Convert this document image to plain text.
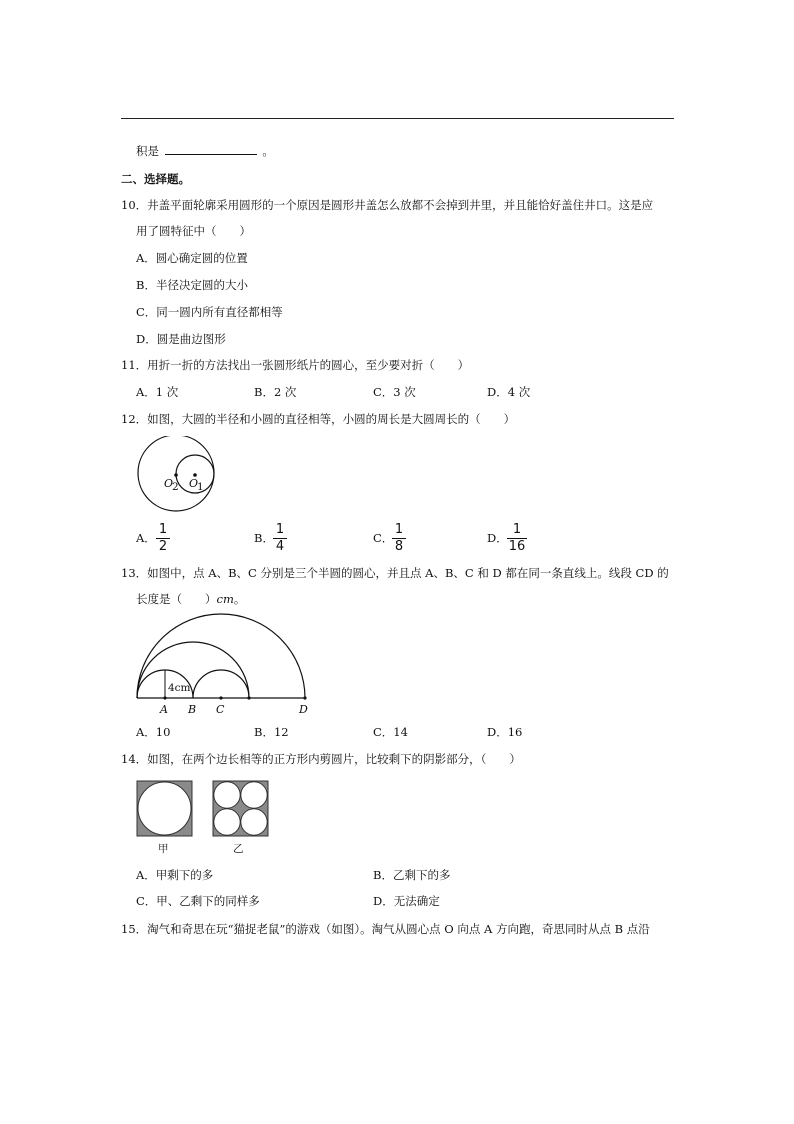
积是	。
二、选择题。
10．井盖平面轮廓采用圆形的一个原因是圆形井盖怎么放都不会掉到井里，并且能恰好盖住井口。这是应
用了圆特征中（　　）
A．圆心确定圆的位置
B．半径决定圆的大小
C．同一圆内所有直径都相等
D．圆是曲边图形
11．用折一折的方法找出一张圆形纸片的圆心，至少要对折（　　）
A．1 次	B．2 次	C．3 次	D．4 次
12．如图，大圆的半径和小圆的直径相等，小圆的周长是大圆周长的（　　）
O
2 O
1
A．
1
2
B．
1
4
C．
1
8
D．
1
16
13．如图中，点 A、B、C 分别是三个半圆的圆心，并且点 A、B、C 和 D 都在同一条直线上。线段 CD 的
长度是（　　）cm。
4cm
A B C	D
A．10	B．12	C．14	D．16
14．如图，在两个边长相等的正方形内剪圆片，比较剩下的阴影部分，（　　）
甲	乙
A．甲剩下的多	B．乙剩下的多
C．甲、乙剩下的同样多	D．无法确定
15．淘气和奇思在玩“猫捉老鼠”的游戏（如图）。淘气从圆心点 O 向点 A 方向跑，奇思同时从点 B 点沿
